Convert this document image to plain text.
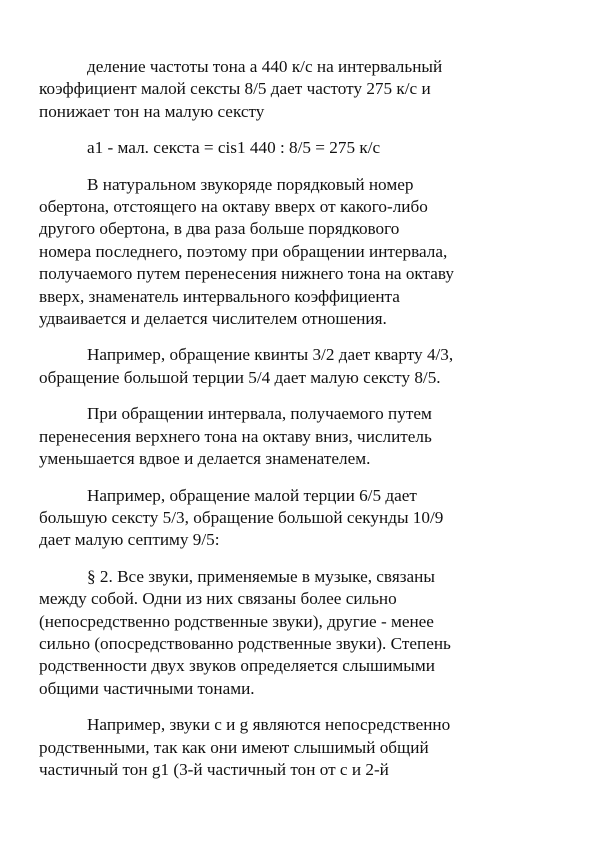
деление частоты тона а 440 к/с на интервальный
коэффициент малой сексты 8/5 дает частоту 275 к/с и
понижает тон на малую сексту

a1 - мал. секста = cis1 440 : 8/5 = 275 к/с

В натуральном звукоряде порядковый номер
обертона, отстоящего на октаву вверх от какого-либо
другого обертона, в два раза больше порядкового
номера последнего, поэтому при обращении интервала,
получаемого путем перенесения нижнего тона на октаву
вверх, знаменатель интервального коэффициента
удваивается и делается числителем отношения.

Например, обращение квинты 3/2 дает кварту 4/3,
обращение большой терции 5/4 дает малую сексту 8/5.

При обращении интервала, получаемого путем
перенесения верхнего тона на октаву вниз, числитель
уменьшается вдвое и делается знаменателем.

Например, обращение малой терции 6/5 дает
большую сексту 5/3, обращение большой секунды 10/9
дает малую септиму 9/5:

§ 2. Все звуки, применяемые в музыке, связаны
между собой. Одни из них связаны более сильно
(непосредственно родственные звуки), другие - менее
сильно (опосредствованно родственные звуки). Степень
родственности двух звуков определяется слышимыми
общими частичными тонами.

Например, звуки с и g являются непосредственно
родственными, так как они имеют слышимый общий
частичный тон g1 (3-й частичный тон от с и 2-й
